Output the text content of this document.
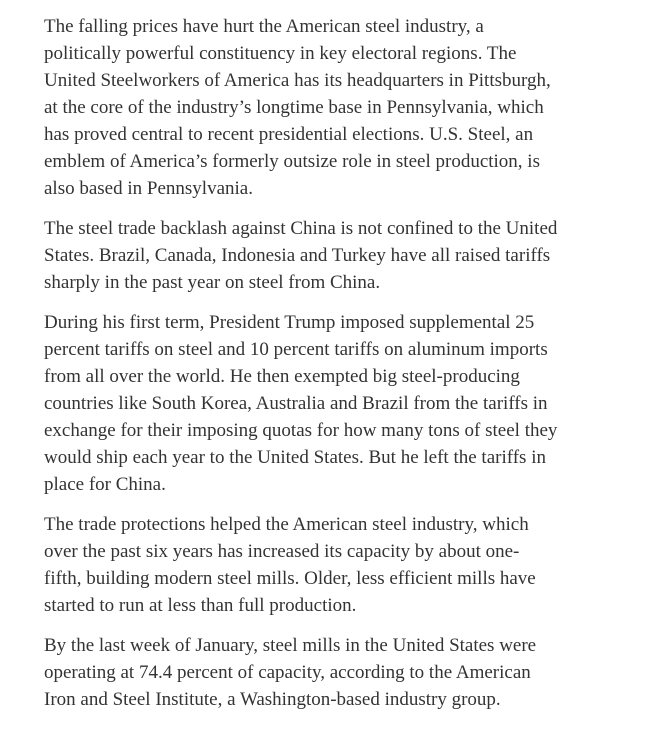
The falling prices have hurt the American steel industry, a
politically powerful constituency in key electoral regions. The
United Steelworkers of America has its headquarters in Pittsburgh,
at the core of the industry’s longtime base in Pennsylvania, which
has proved central to recent presidential elections. U.S. Steel, an
emblem of America’s formerly outsize role in steel production, is
also based in Pennsylvania.

The steel trade backlash against China is not confined to the United
States. Brazil, Canada, Indonesia and Turkey have all raised tariffs
sharply in the past year on steel from China.

During his first term, President Trump imposed supplemental 25
percent tariffs on steel and 10 percent tariffs on aluminum imports
from all over the world. He then exempted big steel-producing
countries like South Korea, Australia and Brazil from the tariffs in
exchange for their imposing quotas for how many tons of steel they
would ship each year to the United States. But he left the tariffs in
place for China.

The trade protections helped the American steel industry, which
over the past six years has increased its capacity by about one-
fifth, building modern steel mills. Older, less efficient mills have
started to run at less than full production.

By the last week of January, steel mills in the United States were
operating at 74.4 percent of capacity, according to the American
Iron and Steel Institute, a Washington-based industry group.
